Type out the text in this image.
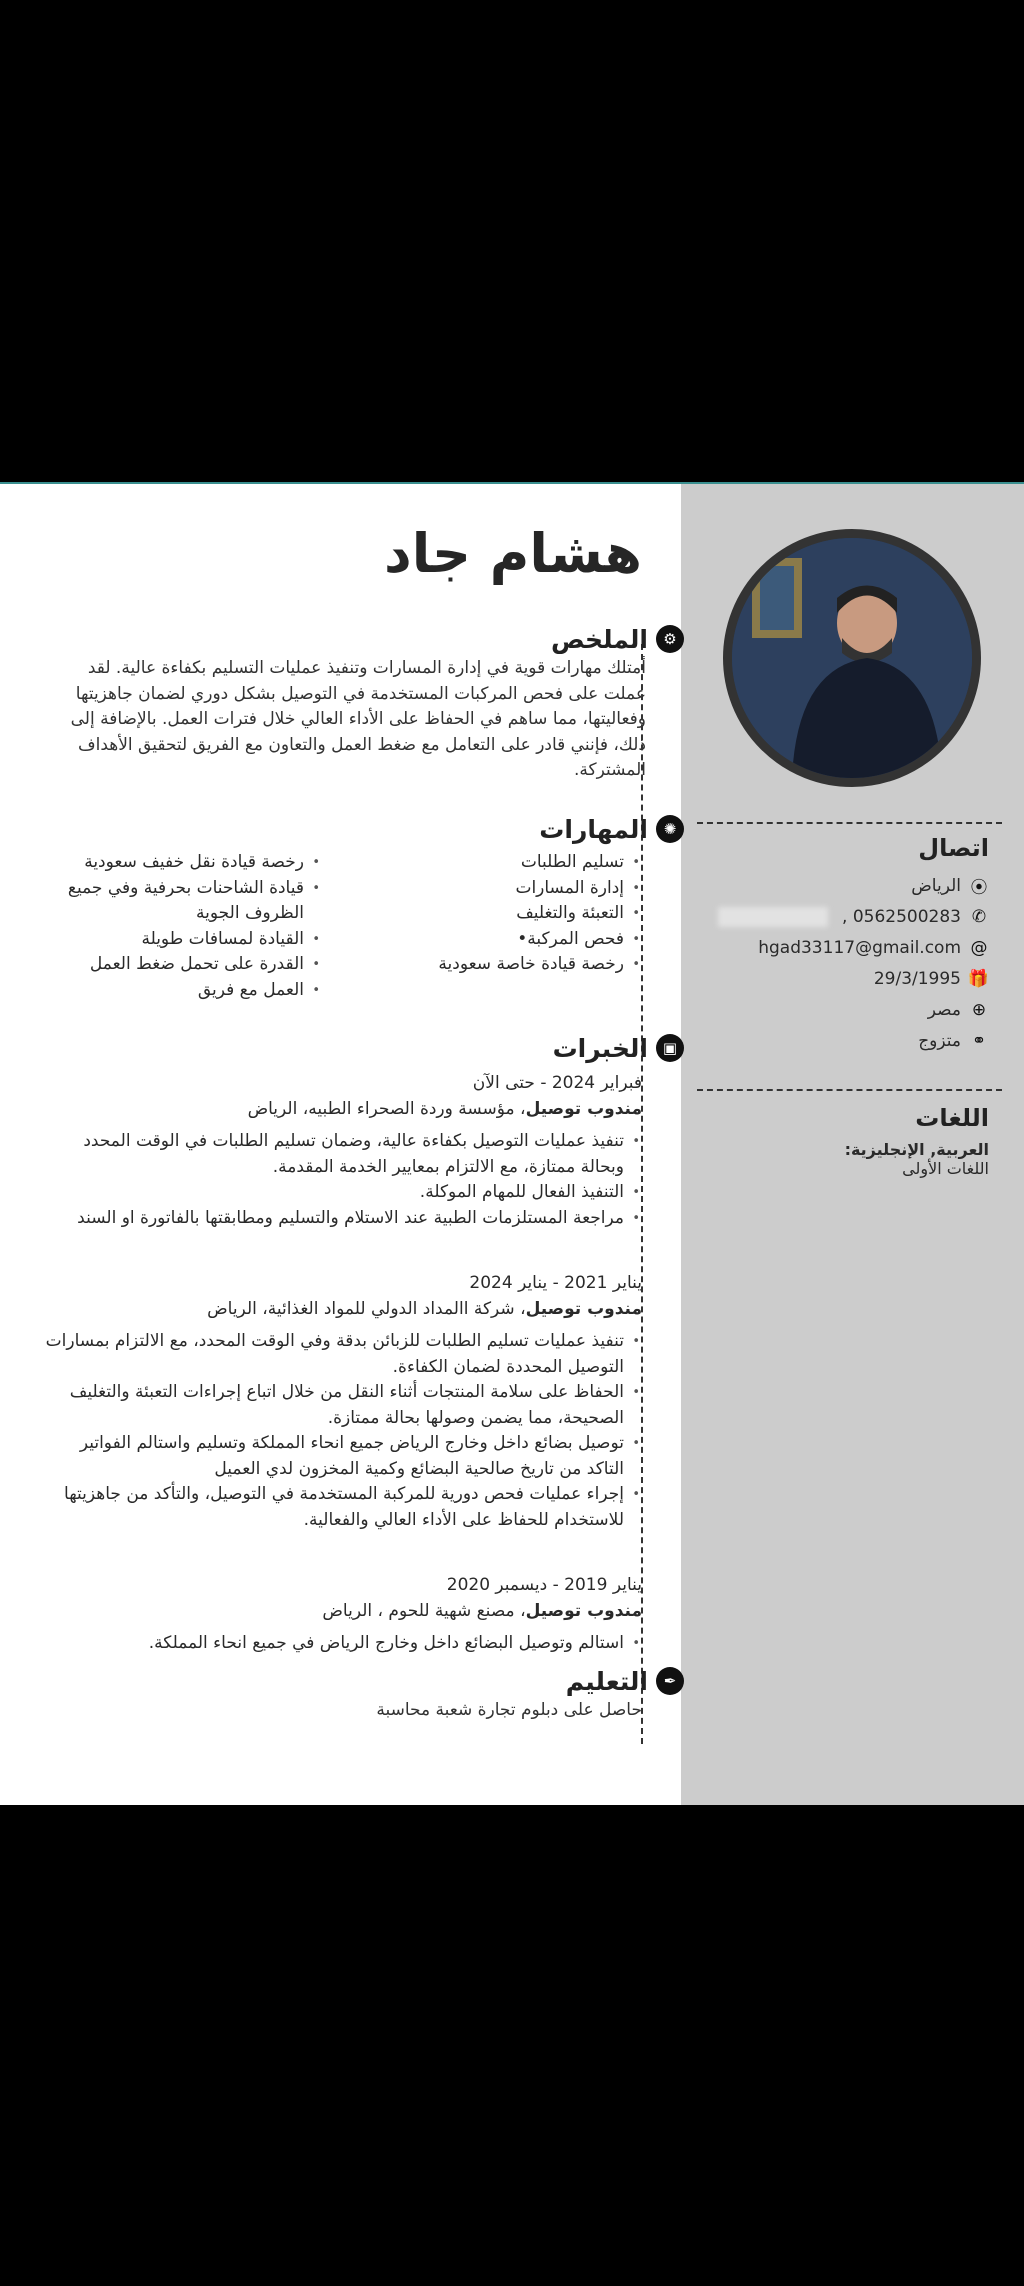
هشام جاد
⚙
الملخص

أمتلك مهارات قوية في إدارة المسارات وتنفيذ عمليات التسليم بكفاءة عالية. لقد عملت على فحص المركبات المستخدمة في التوصيل بشكل دوري لضمان جاهزيتها وفعاليتها، مما ساهم في الحفاظ على الأداء العالي خلال فترات العمل. بالإضافة إلى ذلك، فإنني قادر على التعامل مع ضغط العمل والتعاون مع الفريق لتحقيق الأهداف المشتركة.

✺
المهارات
• تسليم الطلبات
• إدارة المسارات
• التعبئة والتغليف
• فحص المركبة•
• رخصة قيادة خاصة سعودية
• رخصة قيادة نقل خفيف سعودية
• قيادة الشاحنات بحرفية وفي جميع الظروف الجوية
• القيادة لمسافات طويلة
• القدرة على تحمل ضغط العمل
• العمل مع فريق
▣
الخبرات
فبراير 2024 - حتى الآن
مندوب توصيل، مؤسسة وردة الصحراء الطبيه، الرياض
• تنفيذ عمليات التوصيل بكفاءة عالية، وضمان تسليم الطلبات في الوقت المحدد وبحالة ممتازة، مع الالتزام بمعايير الخدمة المقدمة.
• التنفيذ الفعال للمهام الموكلة.
• مراجعة المستلزمات الطبية عند الاستلام والتسليم ومطابقتها بالفاتورة او السند
يناير 2021 - يناير 2024
مندوب توصيل، شركة االمداد الدولي للمواد الغذائية، الرياض
• تنفيذ عمليات تسليم الطلبات للزبائن بدقة وفي الوقت المحدد، مع الالتزام بمسارات التوصيل المحددة لضمان الكفاءة.
• الحفاظ على سلامة المنتجات أثناء النقل من خلال اتباع إجراءات التعبئة والتغليف الصحيحة، مما يضمن وصولها بحالة ممتازة.
• توصيل بضائع داخل وخارج الرياض جميع انحاء المملكة وتسليم واستالم الفواتير التاكد من تاريخ صالحية البضائع وكمية المخزون لدي العميل
• إجراء عمليات فحص دورية للمركبة المستخدمة في التوصيل، والتأكد من جاهزيتها للاستخدام للحفاظ على الأداء العالي والفعالية.
يناير 2019 - ديسمبر 2020
مندوب توصيل، مصنع شهية للحوم ، الرياض
• استالم وتوصيل البضائع داخل وخارج الرياض في جميع انحاء المملكة.
✒
التعليم

حاصل على دبلوم تجارة شعبة محاسبة

اتصال
⦿
الرياض
✆
0562500283 ,
@
hgad33117@gmail.com
🎁
29/3/1995
⊕
مصر
⚭
متزوج
اللغات
العربية, الإنجليزية:
اللغات الأولى
